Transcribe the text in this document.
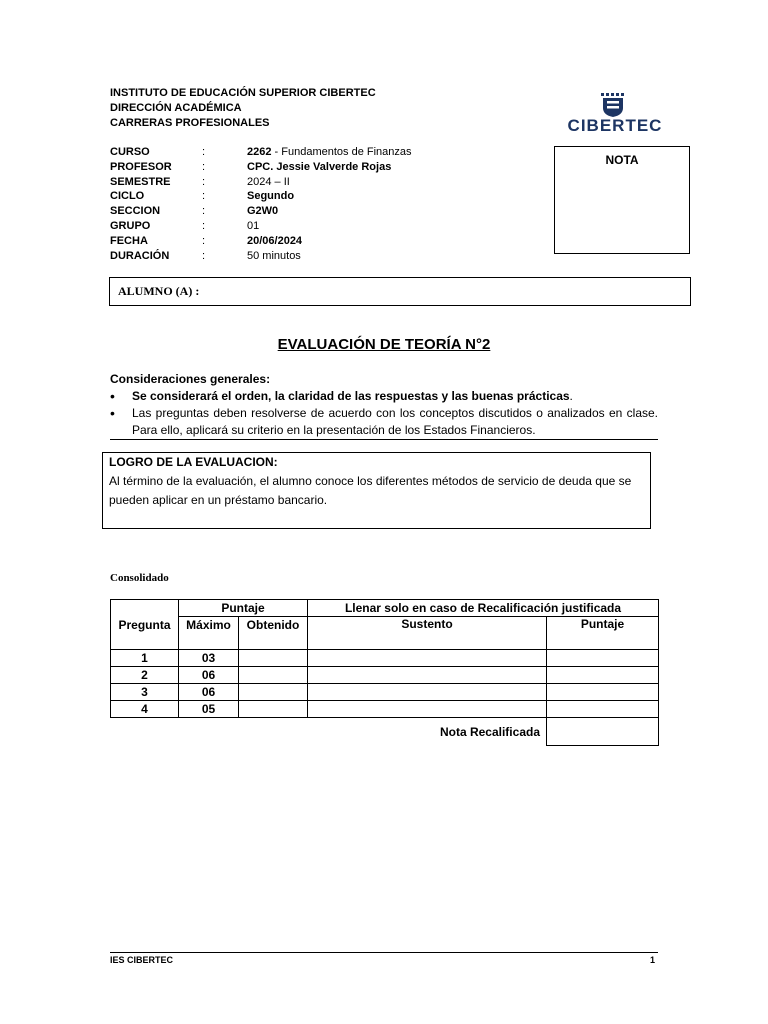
INSTITUTO DE EDUCACIÓN SUPERIOR CIBERTEC
DIRECCIÓN ACADÉMICA
CARRERAS PROFESIONALES	CIBERTEC
CURSO	:	2262 - Fundamentos de Finanzas
PROFESOR	:	CPC. Jessie Valverde Rojas
SEMESTRE	:	2024 – II
CICLO	:	Segundo
SECCION	:	G2W0
GRUPO	:	01
FECHA	:	20/06/2024
DURACIÓN	:	50 minutos
NOTA
ALUMNO (A) :
EVALUACIÓN DE TEORÍA N°2
Consideraciones generales:
• Se considerará el orden, la claridad de las respuestas y las buenas prácticas.
• Las preguntas deben resolverse de acuerdo con los conceptos discutidos o analizados en clase. Para ello, aplicará su criterio en la presentación de los Estados Financieros.
LOGRO DE LA EVALUACION:
Al término de la evaluación, el alumno conoce los diferentes métodos de servicio de deuda que se pueden aplicar en un préstamo bancario.
Consolidado
Pregunta	Puntaje		Llenar solo en caso de Recalificación justificada	
	Máximo	Obtenido	Sustento	Puntaje
1	03			
2	06			
3	06			
4	05			
Nota Recalificada				
IES CIBERTEC	1
